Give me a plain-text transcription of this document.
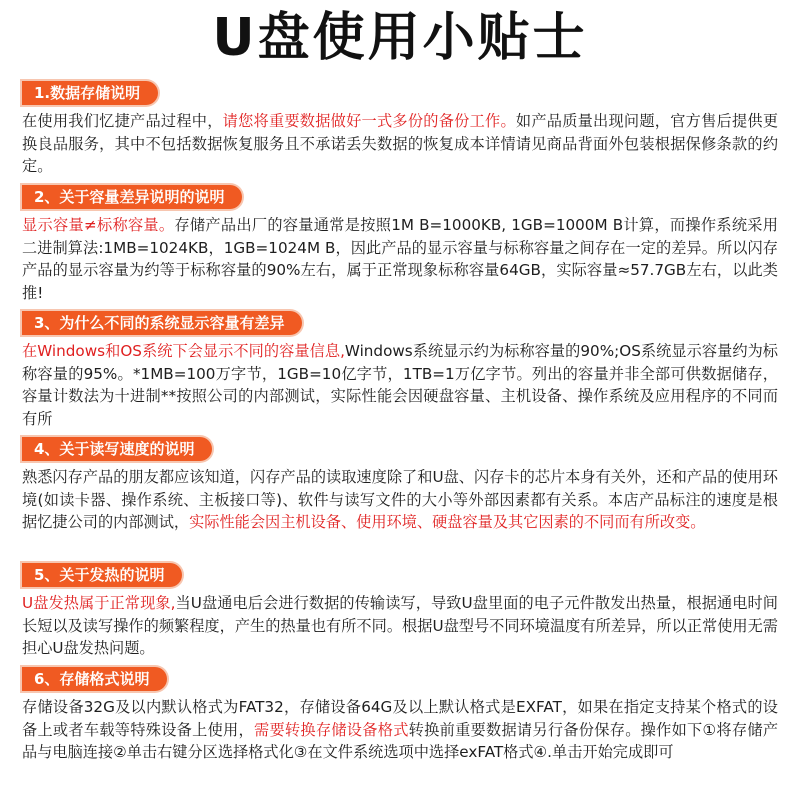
U盘使用小贴士
1.数据存储说明

在使用我们忆捷产品过程中，请您将重要数据做好一式多份的备份工作。如产品质量出现问题，官方售后提供更换良品服务，其中不包括数据恢复服务且不承诺丢失数据的恢复成本详情请见商品背面外包装根据保修条款的约定。

2、关于容量差异说明的说明

显示容量≠标称容量。存储产品出厂的容量通常是按照1M B=1000KB, 1GB=1000M B计算，而操作系统采用二进制算法:1MB=1024KB，1GB=1024M B，因此产品的显示容量与标称容量之间存在一定的差异。所以闪存产品的显示容量为约等于标称容量的90%左右，属于正常现象标称容量64GB，实际容量≈57.7GB左右，以此类推!

3、为什么不同的系统显示容量有差异

在Windows和OS系统下会显示不同的容量信息,Windows系统显示约为标称容量的90%;OS系统显示容量约为标称容量的95%。*1MB=100万字节，1GB=10亿字节，1TB=1万亿字节。列出的容量并非全部可供数据储存，容量计数法为十进制**按照公司的内部测试，实际性能会因硬盘容量、主机设备、操作系统及应用程序的不同而有所

4、关于读写速度的说明

熟悉闪存产品的朋友都应该知道，闪存产品的读取速度除了和U盘、闪存卡的芯片本身有关外，还和产品的使用环境(如读卡器、操作系统、主板接口等)、软件与读写文件的大小等外部因素都有关系。本店产品标注的速度是根据忆捷公司的内部测试，实际性能会因主机设备、使用环境、硬盘容量及其它因素的不同而有所改变。

5、关于发热的说明

U盘发热属于正常现象,当U盘通电后会进行数据的传输读写，导致U盘里面的电子元件散发出热量，根据通电时间长短以及读写操作的频繁程度，产生的热量也有所不同。根据U盘型号不同环境温度有所差异，所以正常使用无需担心U盘发热问题。

6、存储格式说明

存储设备32G及以内默认格式为FAT32，存储设备64G及以上默认格式是EXFAT，如果在指定支持某个格式的设备上或者车载等特殊设备上使用，需要转换存储设备格式转换前重要数据请另行备份保存。操作如下①将存储产品与电脑连接②单击右键分区选择格式化③在文件系统选项中选择exFAT格式④.单击开始完成即可
